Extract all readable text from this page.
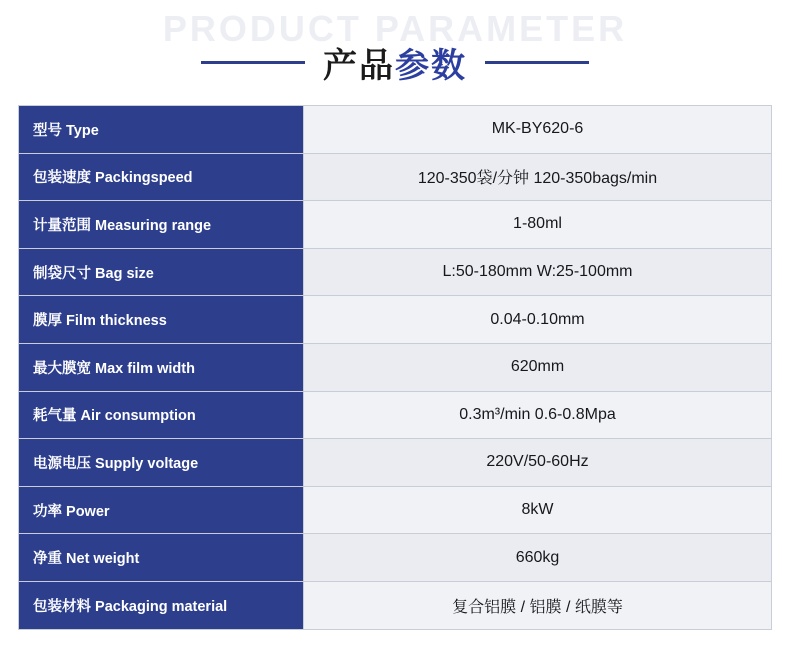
PRODUCT PARAMETER
产品参数
型号 Type	MK-BY620-6
包装速度 Packingspeed	120-350袋/分钟 120-350bags/min
计量范围 Measuring range	1-80ml
制袋尺寸 Bag size	L:50-180mm W:25-100mm
膜厚 Film thickness	0.04-0.10mm
最大膜宽 Max film width	620mm
耗气量 Air consumption	0.3m³/min 0.6-0.8Mpa
电源电压 Supply voltage	220V/50-60Hz
功率 Power	8kW
净重 Net weight	660kg
包装材料 Packaging material	复合铝膜 / 铝膜 / 纸膜等
